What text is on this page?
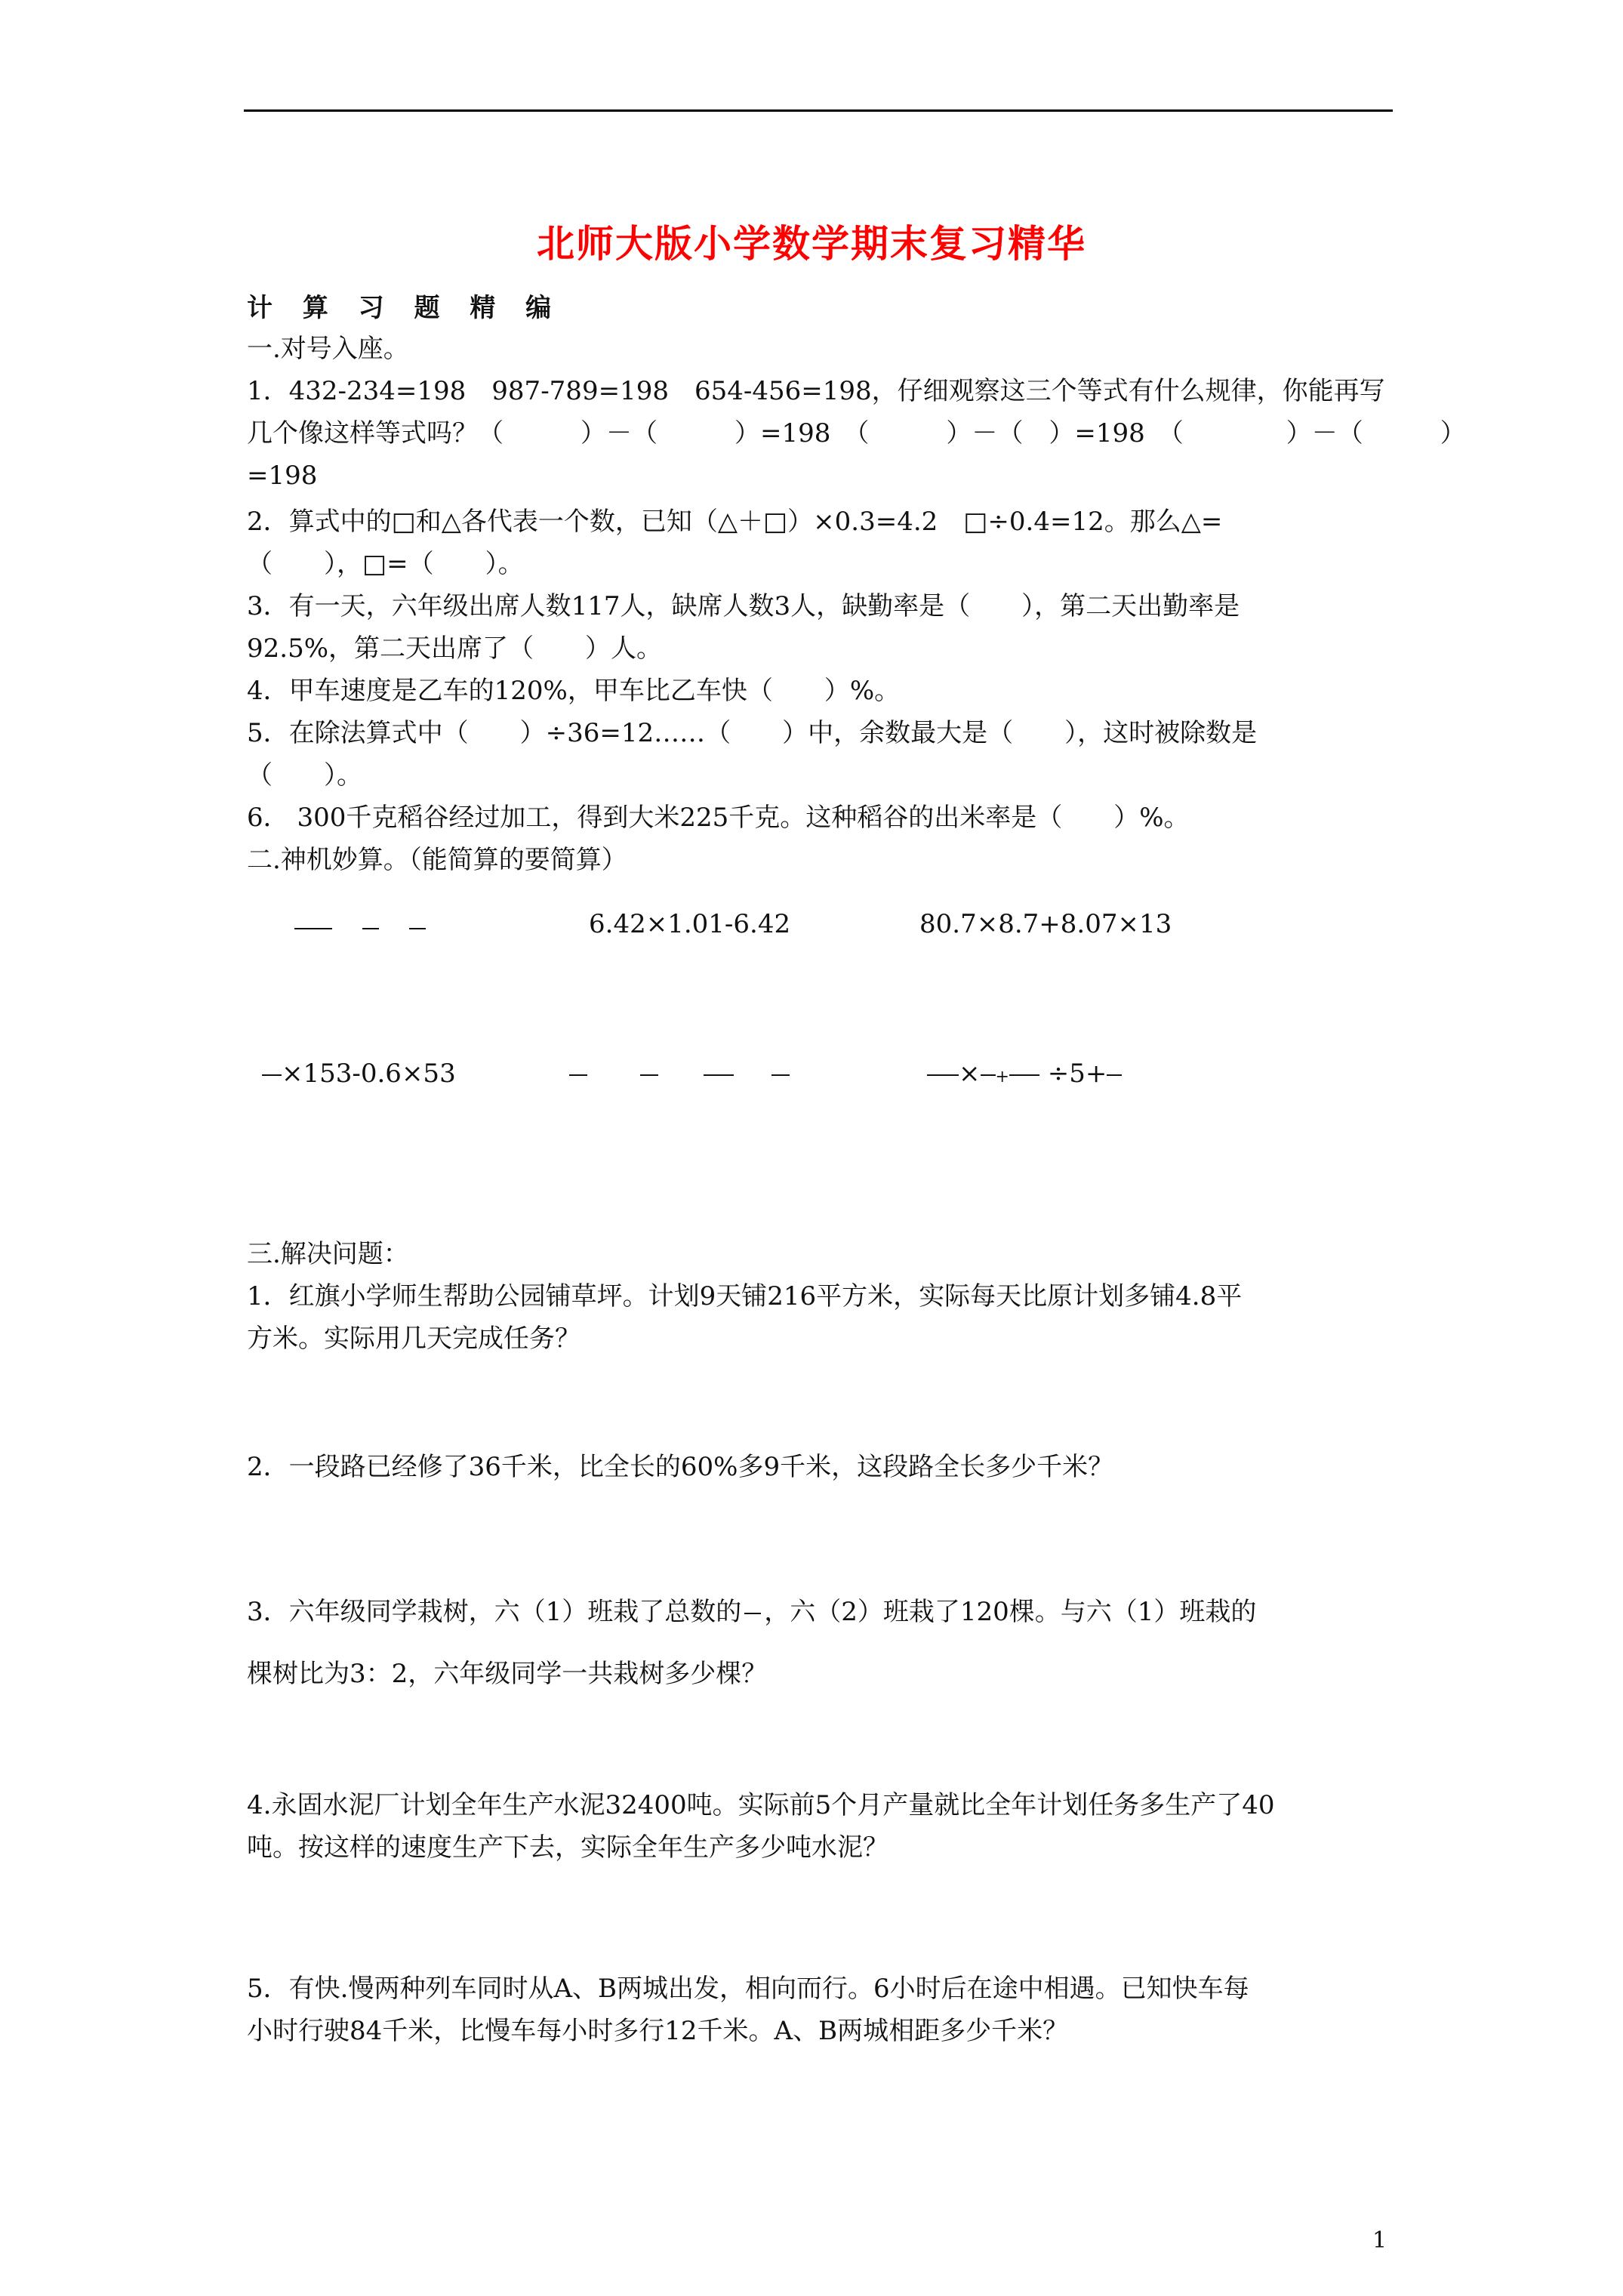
北师大版小学数学期末复习精华
计 算 习 题 精 编
一.对号入座。
1．432-234=198　987-789=198　654-456=198，仔细观察这三个等式有什么规律，你能再写
几个像这样等式吗？（　　　）－（　　　）=198　（　　　）－（　）=198　（　　　　）－（　　　）
=198
2．算式中的□和△各代表一个数，已知（△＋□）×0.3=4.2　□÷0.4=12。那么△=
（　　），□=（　　）。
3．有一天，六年级出席人数117人，缺席人数3人，缺勤率是（　　），第二天出勤率是
92.5%，第二天出席了（　　）人。
4．甲车速度是乙车的120%，甲车比乙车快（　　）%。
5．在除法算式中（　　）÷36=12……（　　）中，余数最大是（　　），这时被除数是
（　　）。
6． 300千克稻谷经过加工，得到大米225千克。这种稻谷的出米率是（　　）%。
二.神机妙算。（能简算的要简算）
6.42×1.01-6.42	80.7×8.7+8.07×13
×153-0.6×53	× + ÷5+
三.解决问题：
1．红旗小学师生帮助公园铺草坪。计划9天铺216平方米，实际每天比原计划多铺4.8平
方米。实际用几天完成任务？
2．一段路已经修了36千米，比全长的60%多9千米，这段路全长多少千米？
3．六年级同学栽树，六（1）班栽了总数的 ，六（2）班栽了120棵。与六（1）班栽的
棵树比为3：2，六年级同学一共栽树多少棵？
4.永固水泥厂计划全年生产水泥32400吨。实际前5个月产量就比全年计划任务多生产了40
吨。按这样的速度生产下去，实际全年生产多少吨水泥？
5．有快.慢两种列车同时从A、B两城出发，相向而行。6小时后在途中相遇。已知快车每
小时行驶84千米，比慢车每小时多行12千米。A、B两城相距多少千米？
1
